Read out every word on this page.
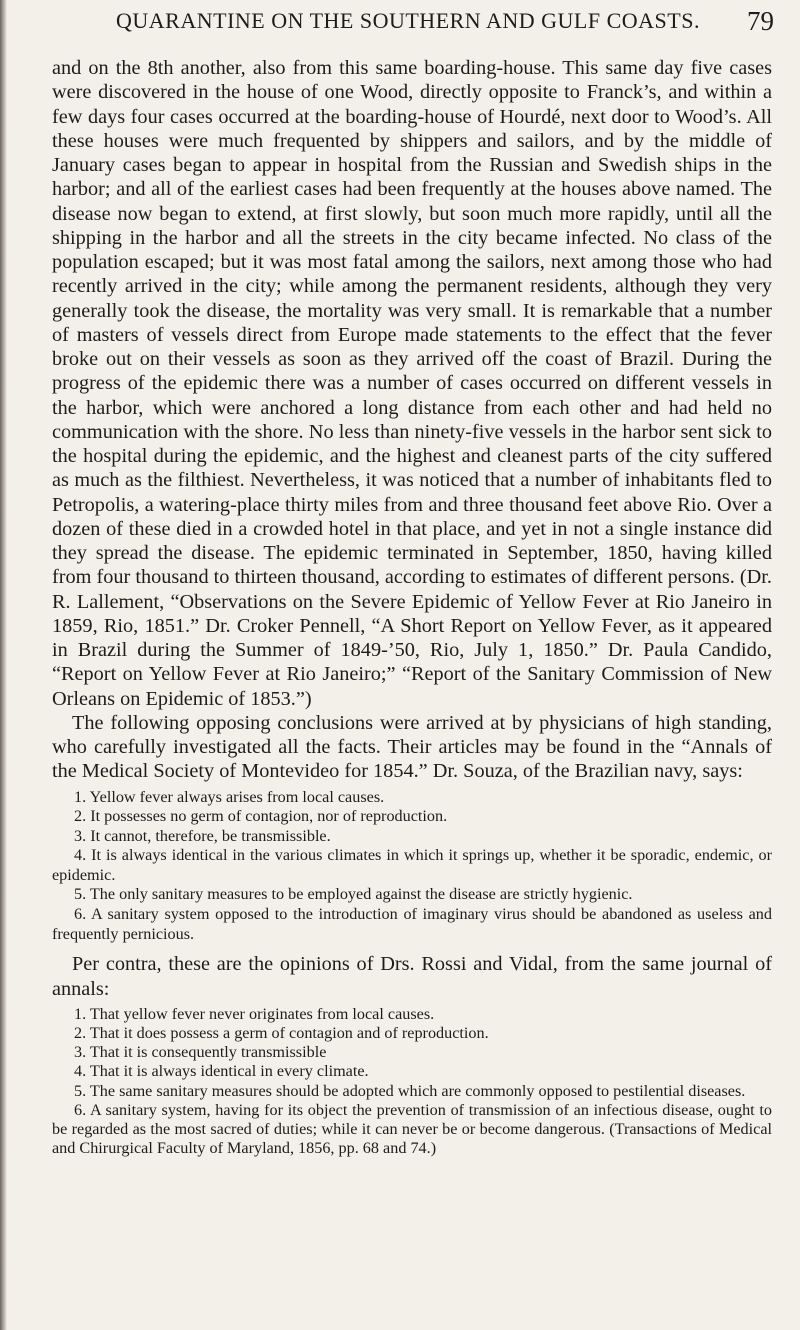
QUARANTINE ON THE SOUTHERN AND GULF COASTS.	79

and on the 8th another, also from this same boarding-house. This same day five cases were discovered in the house of one Wood, directly opposite to Franck’s, and within a few days four cases occurred at the boarding-house of Hourdé, next door to Wood’s. All these houses were much frequented by shippers and sailors, and by the middle of January cases began to appear in hospital from the Russian and Swedish ships in the harbor; and all of the earliest cases had been frequently at the houses above named. The disease now began to extend, at first slowly, but soon much more rapidly, until all the shipping in the harbor and all the streets in the city became infected. No class of the population escaped; but it was most fatal among the sailors, next among those who had recently arrived in the city; while among the permanent residents, although they very generally took the disease, the mortality was very small. It is remarkable that a number of masters of vessels direct from Europe made statements to the effect that the fever broke out on their vessels as soon as they arrived off the coast of Brazil. During the progress of the epidemic there was a number of cases occurred on different vessels in the harbor, which were anchored a long distance from each other and had held no communication with the shore. No less than ninety-five vessels in the harbor sent sick to the hospital during the epidemic, and the highest and cleanest parts of the city suffered as much as the filthiest. Nevertheless, it was noticed that a number of inhabitants fled to Petropolis, a watering-place thirty miles from and three thousand feet above Rio. Over a dozen of these died in a crowded hotel in that place, and yet in not a single instance did they spread the disease. The epidemic terminated in September, 1850, having killed from four thousand to thirteen thousand, according to estimates of different persons. (Dr. R. Lallement, “Observations on the Severe Epidemic of Yellow Fever at Rio Janeiro in 1859, Rio, 1851.” Dr. Croker Pennell, “A Short Report on Yellow Fever, as it appeared in Brazil during the Summer of 1849-’50, Rio, July 1, 1850.” Dr. Paula Candido, “Report on Yellow Fever at Rio Janeiro;” “Report of the Sanitary Commission of New Orleans on Epidemic of 1853.”)

The following opposing conclusions were arrived at by physicians of high standing, who carefully investigated all the facts. Their articles may be found in the “Annals of the Medical Society of Montevideo for 1854.” Dr. Souza, of the Brazilian navy, says:

1. Yellow fever always arises from local causes.
2. It possesses no germ of contagion, nor of reproduction.
3. It cannot, therefore, be transmissible.
4. It is always identical in the various climates in which it springs up, whether it be sporadic, endemic, or epidemic.
5. The only sanitary measures to be employed against the disease are strictly hygienic.
6. A sanitary system opposed to the introduction of imaginary virus should be abandoned as useless and frequently pernicious.

Per contra, these are the opinions of Drs. Rossi and Vidal, from the same journal of annals:

1. That yellow fever never originates from local causes.
2. That it does possess a germ of contagion and of reproduction.
3. That it is consequently transmissible
4. That it is always identical in every climate.
5. The same sanitary measures should be adopted which are commonly opposed to pestilential diseases.
6. A sanitary system, having for its object the prevention of transmission of an infectious disease, ought to be regarded as the most sacred of duties; while it can never be or become dangerous. (Transactions of Medical and Chirurgical Faculty of Maryland, 1856, pp. 68 and 74.)
